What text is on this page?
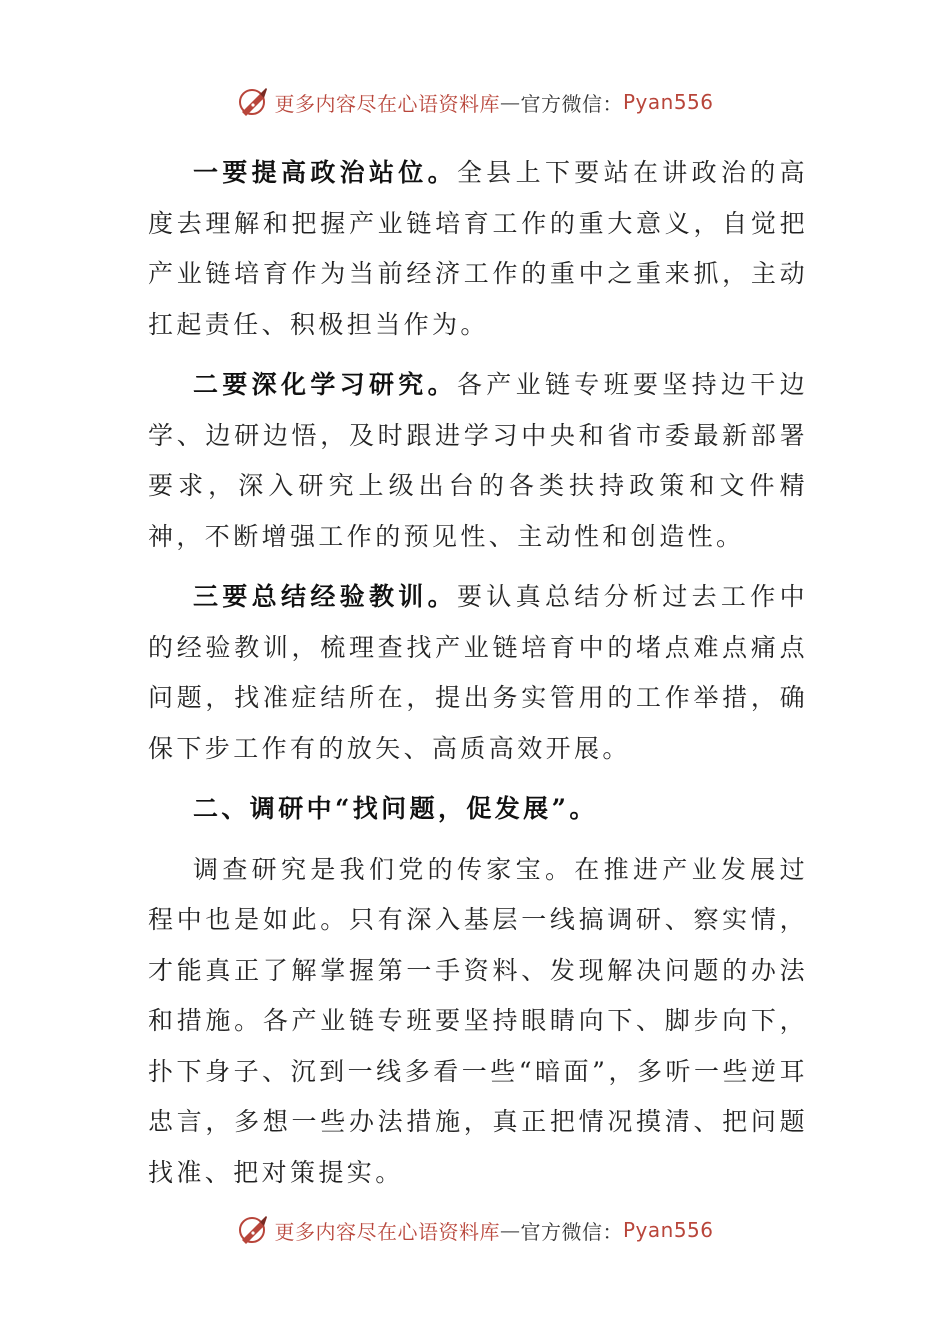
更多内容尽在心语资料库 — 官方微信： Pyan556

一要提高政治站位。全县上下要站在讲政治的高度去理解和把握产业链培育工作的重大意义，自觉把产业链培育作为当前经济工作的重中之重来抓，主动扛起责任、积极担当作为。

二要深化学习研究。各产业链专班要坚持边干边学、边研边悟，及时跟进学习中央和省市委最新部署要求，深入研究上级出台的各类扶持政策和文件精神，不断增强工作的预见性、主动性和创造性。

三要总结经验教训。要认真总结分析过去工作中的经验教训，梳理查找产业链培育中的堵点难点痛点问题，找准症结所在，提出务实管用的工作举措，确保下步工作有的放矢、高质高效开展。

二、调研中“找问题，促发展”。

调查研究是我们党的传家宝。在推进产业发展过程中也是如此。只有深入基层一线搞调研、察实情，才能真正了解掌握第一手资料、发现解决问题的办法和措施。各产业链专班要坚持眼睛向下、脚步向下，扑下身子、沉到一线多看一些“暗面”，多听一些逆耳忠言，多想一些办法措施，真正把情况摸清、把问题找准、把对策提实。

更多内容尽在心语资料库 — 官方微信： Pyan556
